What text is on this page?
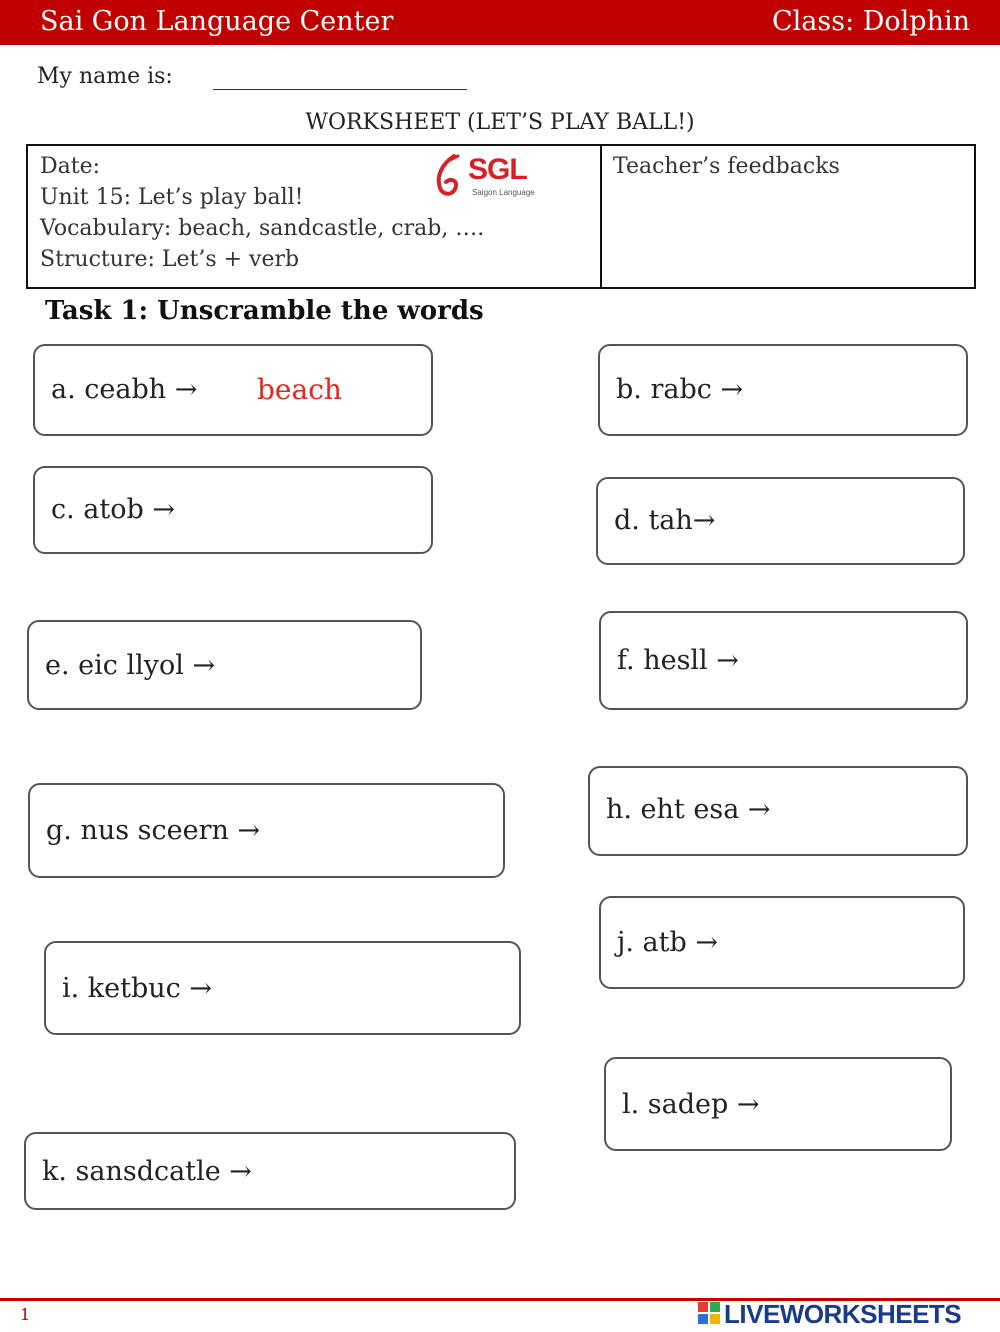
Sai Gon Language Center	Class: Dolphin
My name is:
WORKSHEET (LET’S PLAY BALL!)
Date:
Unit 15: Let’s play ball!
Vocabulary: beach, sandcastle, crab, ….
Structure: Let’s + verb
SGL
Saigon Language
Teacher’s feedbacks
Task 1: Unscramble the words
a. ceabh → beach	b. rabc →
c. atob →	d. tah→
e. eic llyol →	f. hesll →
g. nus sceern →
h. eht esa →
i. ketbuc →
j. atb →
l. sadep →
k. sansdcatle →
1	LIVEWORKSHEETS
